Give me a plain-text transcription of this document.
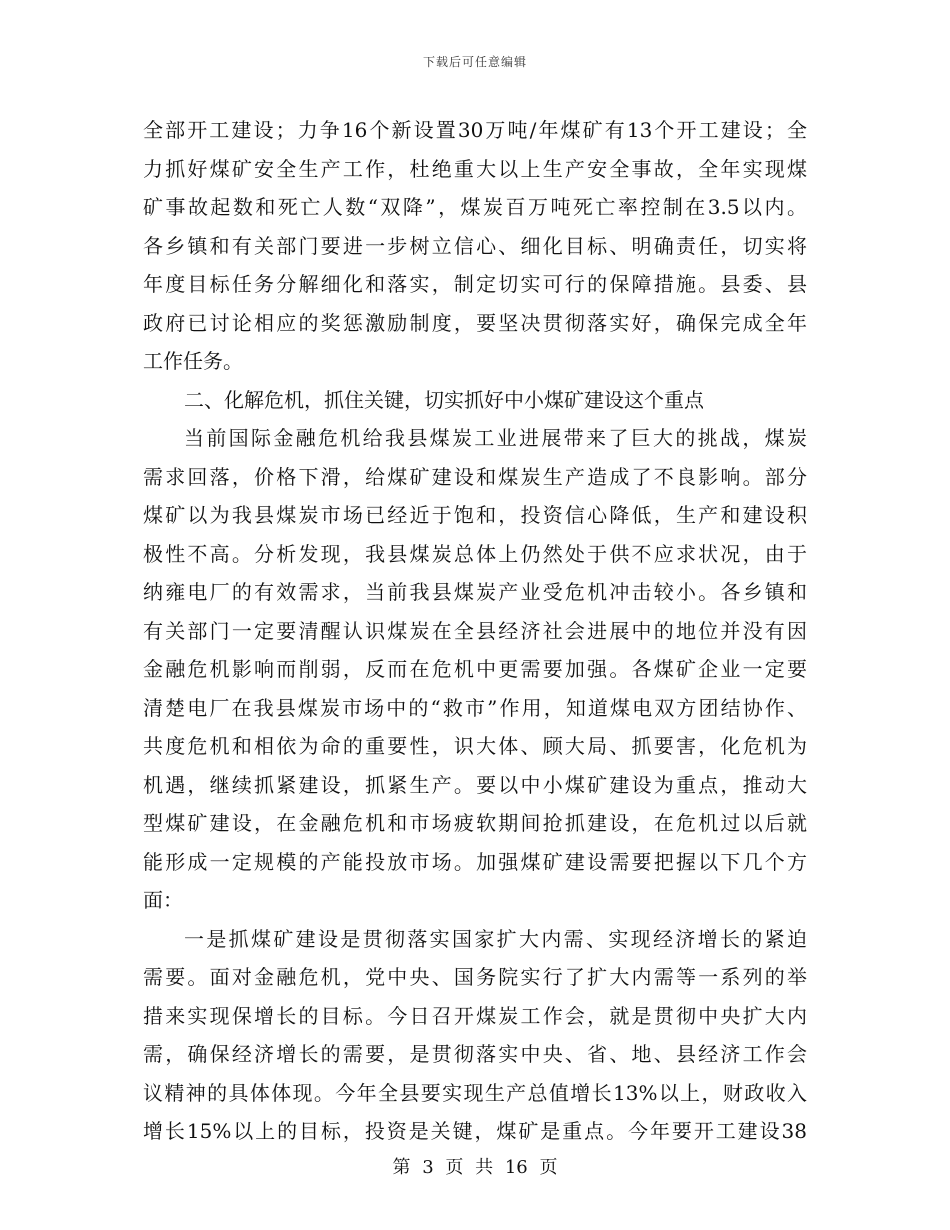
下载后可任意编辑
全部开工建设；力争16个新设置30万吨/年煤矿有13个开工建设；全
力抓好煤矿安全生产工作，杜绝重大以上生产安全事故，全年实现煤
矿事故起数和死亡人数“双降”，煤炭百万吨死亡率控制在3.5以内。
各乡镇和有关部门要进一步树立信心、细化目标、明确责任，切实将
年度目标任务分解细化和落实，制定切实可行的保障措施。县委、县
政府已讨论相应的奖惩激励制度，要坚决贯彻落实好，确保完成全年
工作任务。
二、化解危机，抓住关键，切实抓好中小煤矿建设这个重点
当前国际金融危机给我县煤炭工业进展带来了巨大的挑战，煤炭
需求回落，价格下滑，给煤矿建设和煤炭生产造成了不良影响。部分
煤矿以为我县煤炭市场已经近于饱和，投资信心降低，生产和建设积
极性不高。分析发现，我县煤炭总体上仍然处于供不应求状况，由于
纳雍电厂的有效需求，当前我县煤炭产业受危机冲击较小。各乡镇和
有关部门一定要清醒认识煤炭在全县经济社会进展中的地位并没有因
金融危机影响而削弱，反而在危机中更需要加强。各煤矿企业一定要
清楚电厂在我县煤炭市场中的“救市”作用，知道煤电双方团结协作、
共度危机和相依为命的重要性，识大体、顾大局、抓要害，化危机为
机遇，继续抓紧建设，抓紧生产。要以中小煤矿建设为重点，推动大
型煤矿建设，在金融危机和市场疲软期间抢抓建设，在危机过以后就
能形成一定规模的产能投放市场。加强煤矿建设需要把握以下几个方
面：
一是抓煤矿建设是贯彻落实国家扩大内需、实现经济增长的紧迫
需要。面对金融危机，党中央、国务院实行了扩大内需等一系列的举
措来实现保增长的目标。今日召开煤炭工作会，就是贯彻中央扩大内
需，确保经济增长的需要，是贯彻落实中央、省、地、县经济工作会
议精神的具体体现。今年全县要实现生产总值增长13%以上，财政收入
增长15%以上的目标，投资是关键，煤矿是重点。今年要开工建设38
第 3 页 共 16 页
